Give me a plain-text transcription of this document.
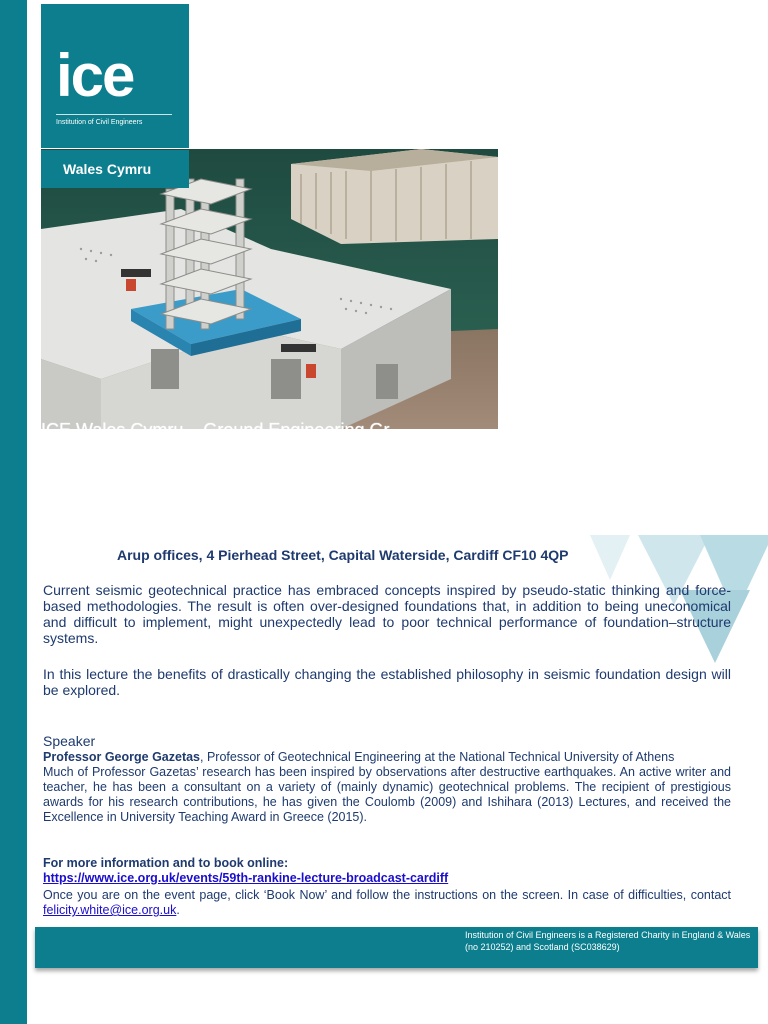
ICE Wales Cymru – Ground Engineering Gr
ice
Institution of Civil Engineers
Wales Cymru
Arup offices, 4 Pierhead Street, Capital Waterside, Cardiff CF10 4QP
Current seismic geotechnical practice has embraced concepts inspired by pseudo-static thinking and force-based methodologies. The result is often over-designed foundations that, in addition to being uneconomical and difficult to implement, might unexpectedly lead to poor technical performance of foundation–structure systems.
In this lecture the benefits of drastically changing the established philosophy in seismic foundation design will be explored.
Speaker
Professor George Gazetas, Professor of Geotechnical Engineering at the National Technical University of Athens
Much of Professor Gazetas’ research has been inspired by observations after destructive earthquakes. An active writer and teacher, he has been a consultant on a variety of (mainly dynamic) geotechnical problems. The recipient of prestigious awards for his research contributions, he has given the Coulomb (2009) and Ishihara (2013) Lectures, and received the Excellence in University Teaching Award in Greece (2015).
For more information and to book online:
https://www.ice.org.uk/events/59th-rankine-lecture-broadcast-cardiff
Once you are on the event page, click ‘Book Now’ and follow the instructions on the screen. In case of difficulties, contact felicity.white@ice.org.uk.
Institution of Civil Engineers is a Registered Charity in England & Wales (no 210252) and Scotland (SC038629)
